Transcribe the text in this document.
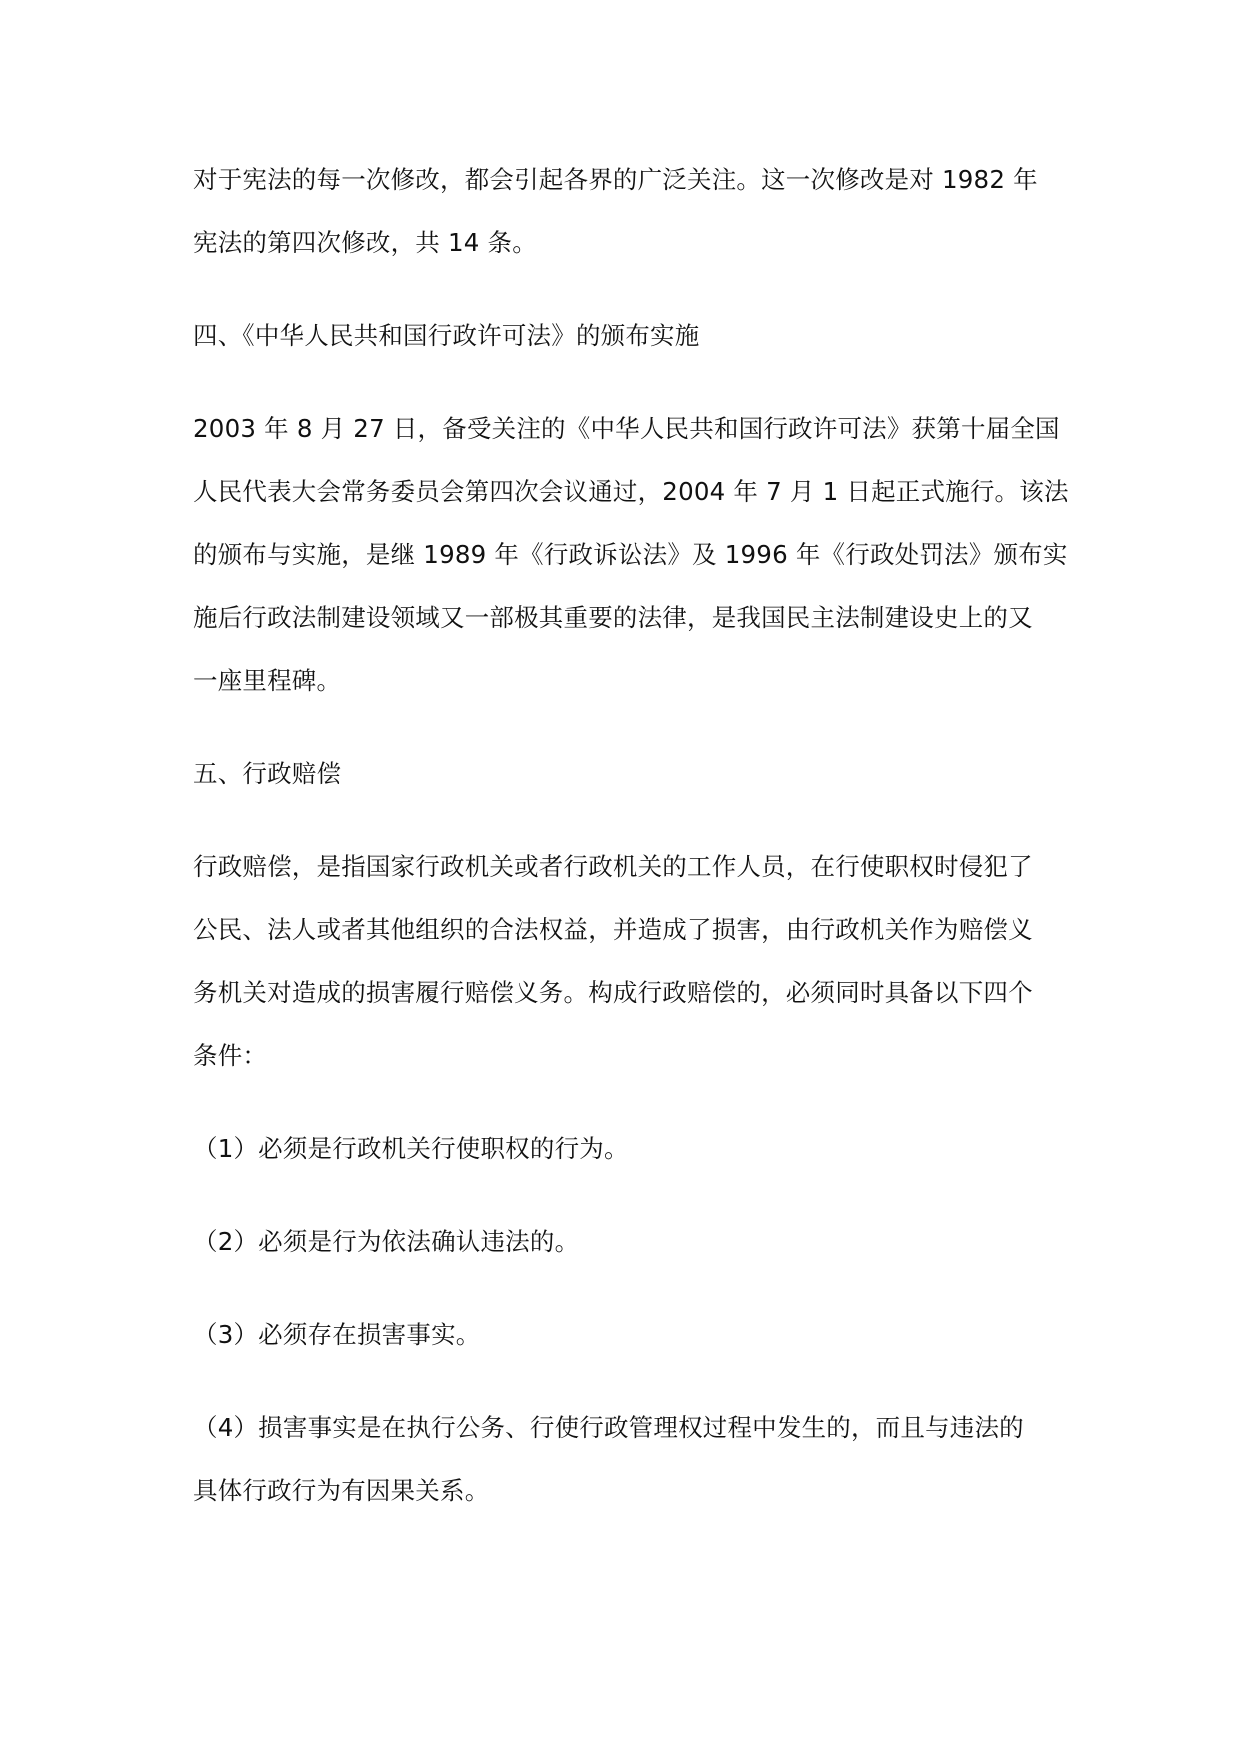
对于宪法的每一次修改，都会引起各界的广泛关注。这一次修改是对 1982 年
宪法的第四次修改，共 14 条。

四、《中华人民共和国行政许可法》的颁布实施

2003 年 8 月 27 日，备受关注的《中华人民共和国行政许可法》获第十届全国
人民代表大会常务委员会第四次会议通过，2004 年 7 月 1 日起正式施行。该法
的颁布与实施，是继 1989 年《行政诉讼法》及 1996 年《行政处罚法》颁布实
施后行政法制建设领域又一部极其重要的法律，是我国民主法制建设史上的又
一座里程碑。

五、行政赔偿

行政赔偿，是指国家行政机关或者行政机关的工作人员，在行使职权时侵犯了
公民、法人或者其他组织的合法权益，并造成了损害，由行政机关作为赔偿义
务机关对造成的损害履行赔偿义务。构成行政赔偿的，必须同时具备以下四个
条件：

（1）必须是行政机关行使职权的行为。

（2）必须是行为依法确认违法的。

（3）必须存在损害事实。

（4）损害事实是在执行公务、行使行政管理权过程中发生的，而且与违法的
具体行政行为有因果关系。
